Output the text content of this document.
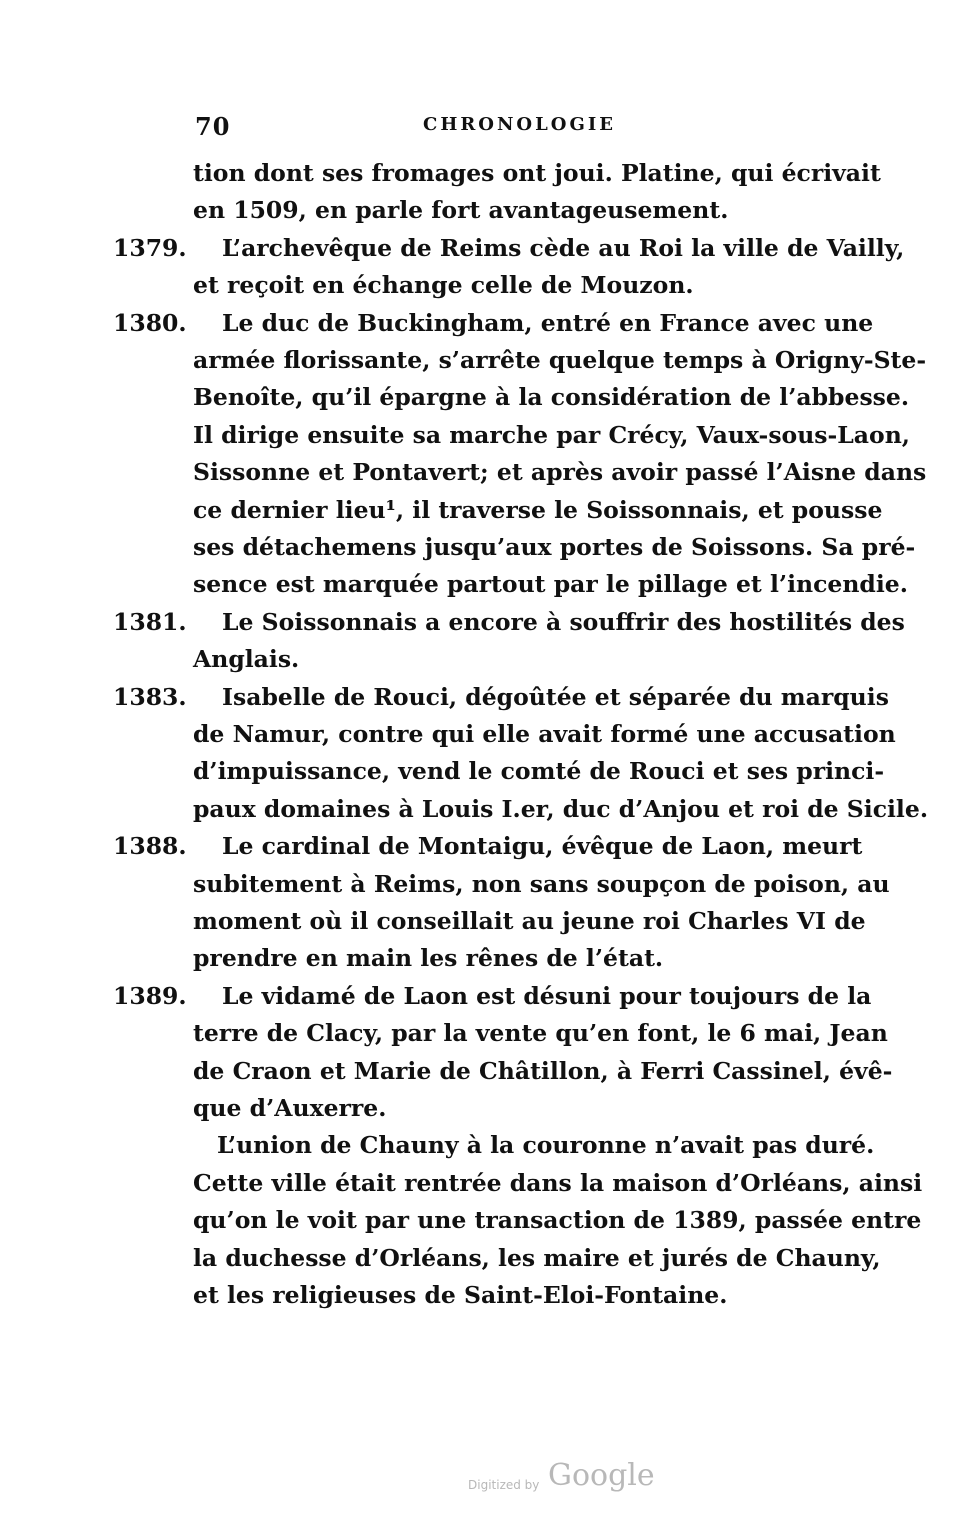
70	CHRONOLOGIE
tion dont ses fromages ont joui. Platine, qui écrivait
en 1509, en parle fort avantageusement.
1379. L’archevêque de Reims cède au Roi la ville de Vailly,
et reçoit en échange celle de Mouzon.
1380. Le duc de Buckingham, entré en France avec une
armée florissante, s’arrête quelque temps à Origny-Ste-
Benoîte, qu’il épargne à la considération de l’abbesse.
Il dirige ensuite sa marche par Crécy, Vaux-sous-Laon,
Sissonne et Pontavert; et après avoir passé l’Aisne dans
ce dernier lieu¹, il traverse le Soissonnais, et pousse
ses détachemens jusqu’aux portes de Soissons. Sa pré-
sence est marquée partout par le pillage et l’incendie.
1381. Le Soissonnais a encore à souffrir des hostilités des
Anglais.
1383. Isabelle de Rouci, dégoûtée et séparée du marquis
de Namur, contre qui elle avait formé une accusation
d’impuissance, vend le comté de Rouci et ses princi-
paux domaines à Louis I.er, duc d’Anjou et roi de Sicile.
1388. Le cardinal de Montaigu, évêque de Laon, meurt
subitement à Reims, non sans soupçon de poison, au
moment où il conseillait au jeune roi Charles VI de
prendre en main les rênes de l’état.
1389. Le vidamé de Laon est désuni pour toujours de la
terre de Clacy, par la vente qu’en font, le 6 mai, Jean
de Craon et Marie de Châtillon, à Ferri Cassinel, évê-
que d’Auxerre.
L’union de Chauny à la couronne n’avait pas duré.
Cette ville était rentrée dans la maison d’Orléans, ainsi
qu’on le voit par une transaction de 1389, passée entre
la duchesse d’Orléans, les maire et jurés de Chauny,
et les religieuses de Saint-Eloi-Fontaine.
Digitized by Google
